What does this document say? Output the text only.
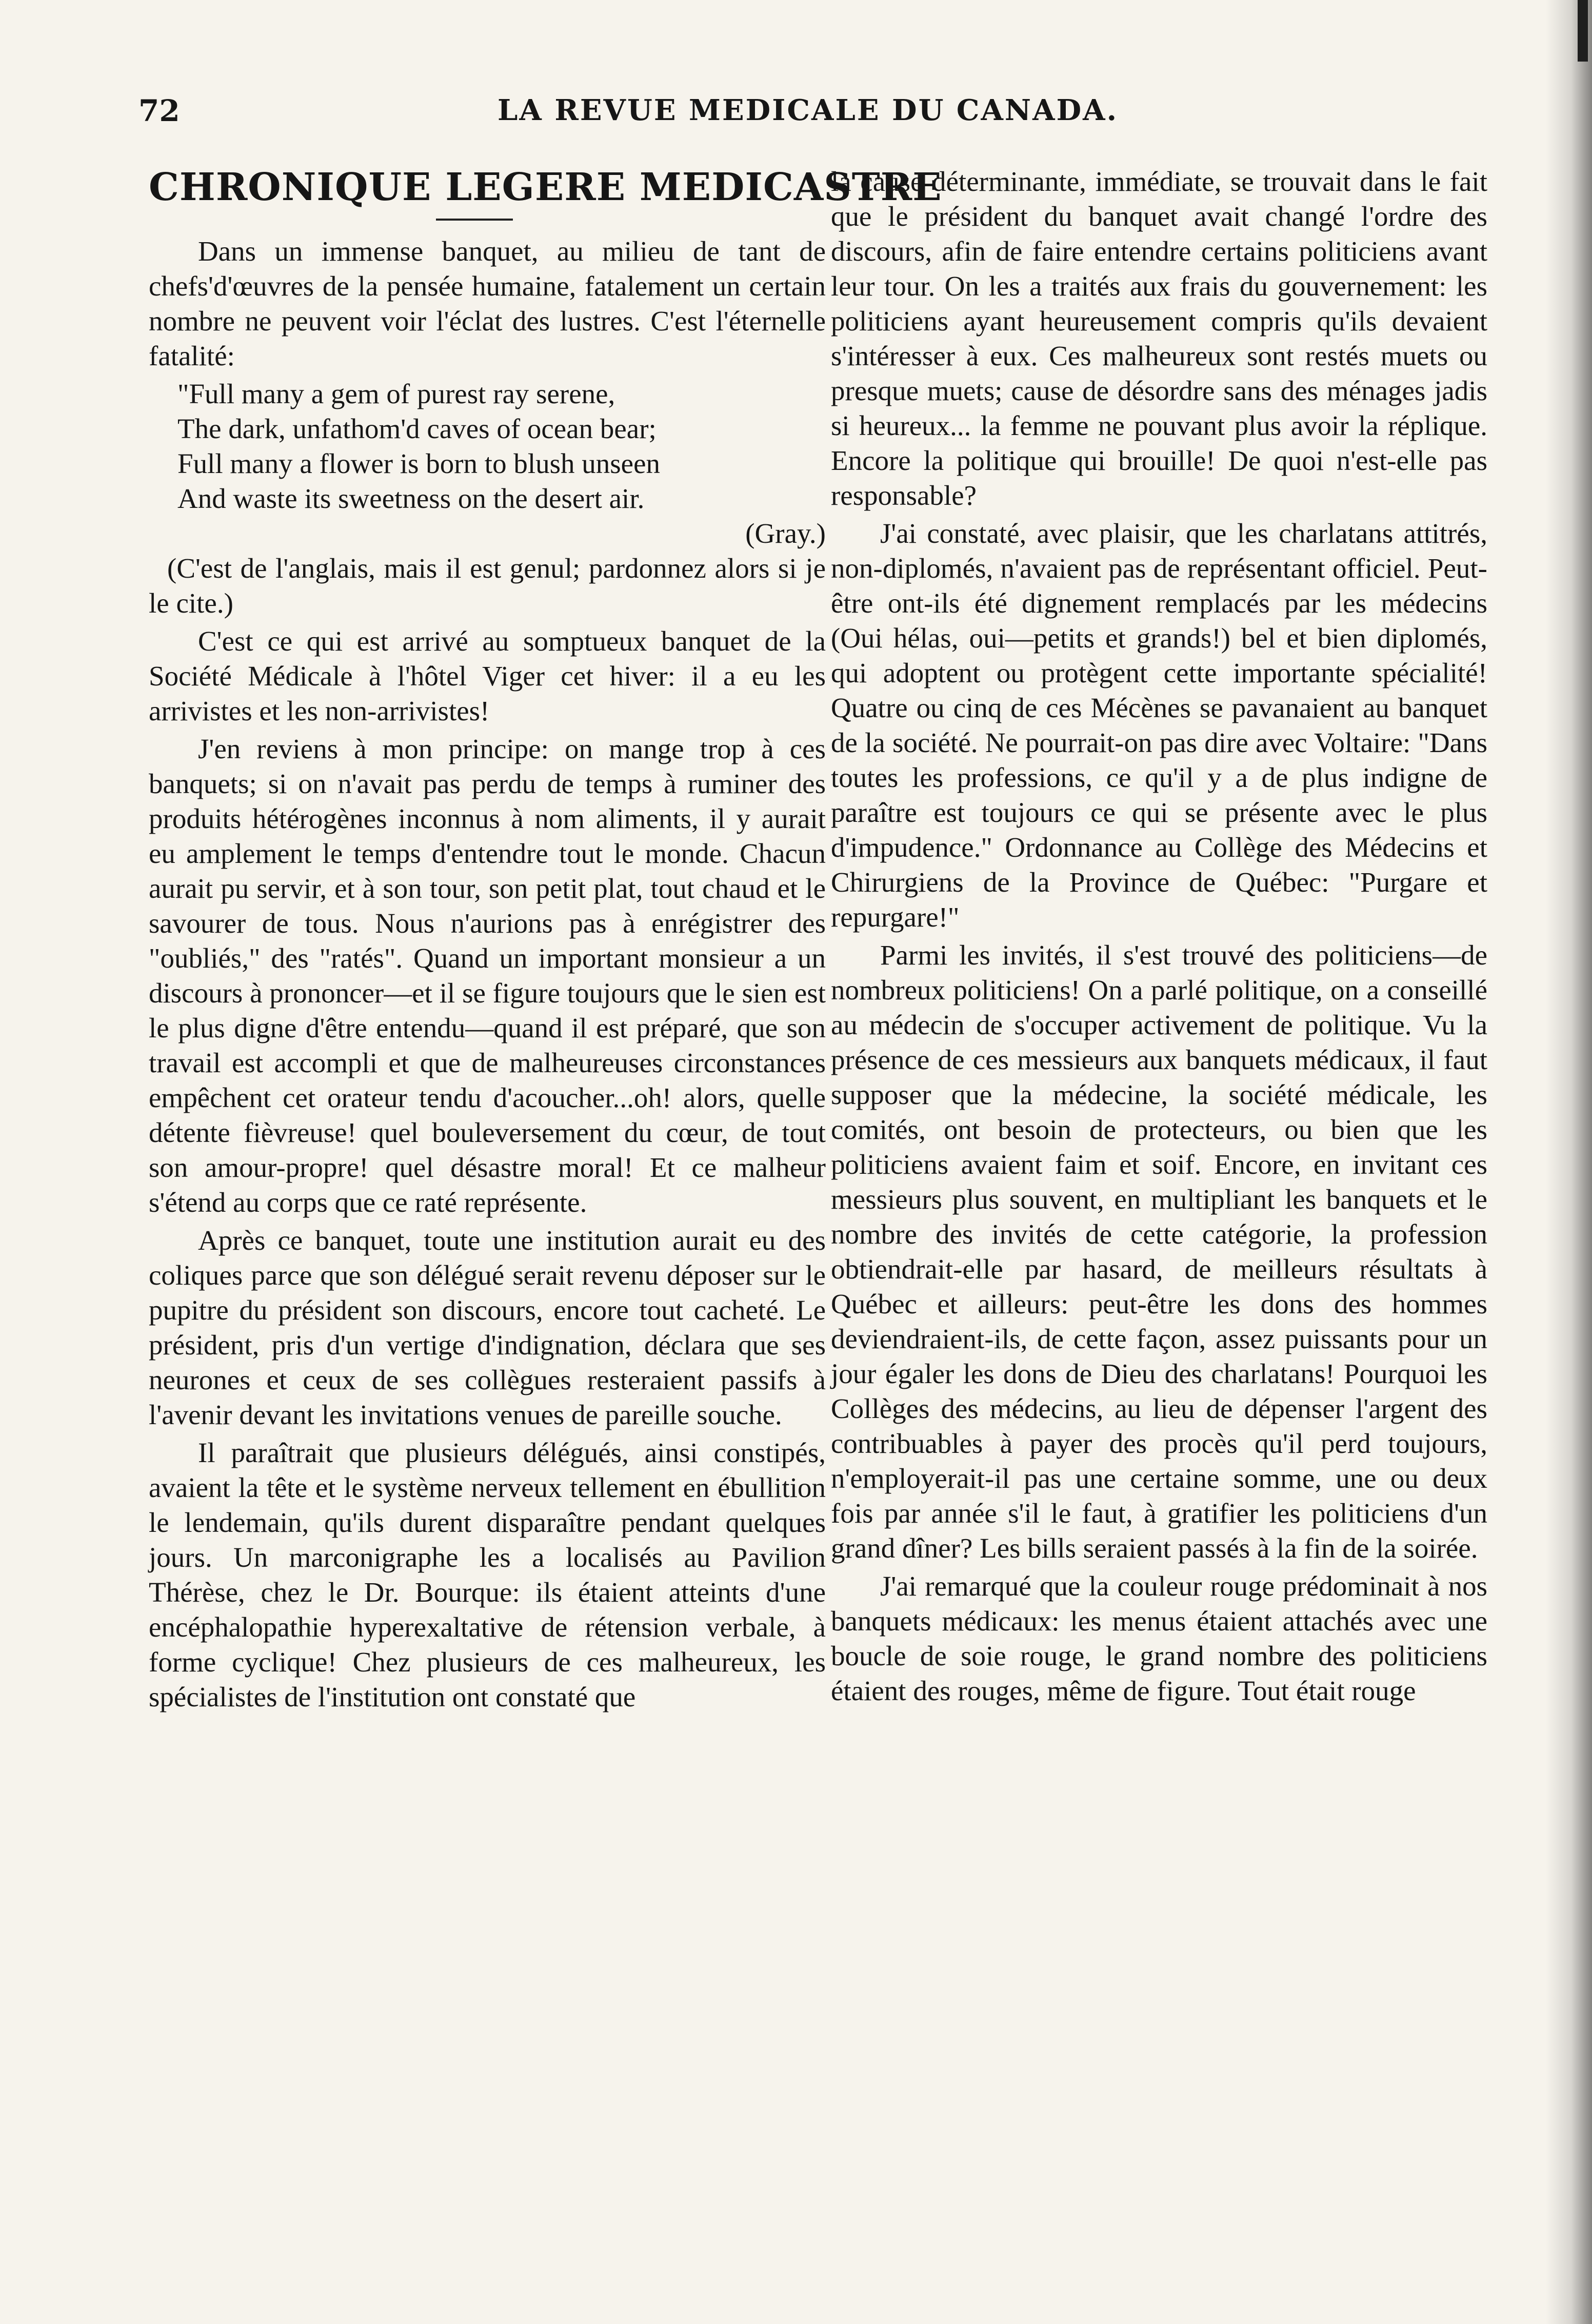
72	LA REVUE MEDICALE DU CANADA.
CHRONIQUE LEGERE MEDICASTRE

Dans un immense banquet, au milieu de tant de chefs'd'œuvres de la pensée humaine, fatalement un certain nombre ne peuvent voir l'éclat des lustres. C'est l'éternelle fatalité:

"Full many a gem of purest ray serene,
The dark, unfathom'd caves of ocean bear;
Full many a flower is born to blush unseen
And waste its sweetness on the desert air.
(Gray.)

(C'est de l'anglais, mais il est genul; pardonnez alors si je le cite.)

C'est ce qui est arrivé au somptueux banquet de la Société Médicale à l'hôtel Viger cet hiver: il a eu les arrivistes et les non-arrivistes!

J'en reviens à mon principe: on mange trop à ces banquets; si on n'avait pas perdu de temps à ruminer des produits hétérogènes inconnus à nom aliments, il y aurait eu amplement le temps d'entendre tout le monde. Chacun aurait pu servir, et à son tour, son petit plat, tout chaud et le savourer de tous. Nous n'aurions pas à enrégistrer des "oubliés," des "ratés". Quand un important monsieur a un discours à prononcer—et il se figure toujours que le sien est le plus digne d'être entendu—quand il est préparé, que son travail est accompli et que de malheureuses circonstances empêchent cet orateur tendu d'acoucher...oh! alors, quelle détente fièvreuse! quel bouleversement du cœur, de tout son amour-propre! quel désastre moral! Et ce malheur s'étend au corps que ce raté représente.

Après ce banquet, toute une institution aurait eu des coliques parce que son délégué serait revenu déposer sur le pupitre du président son discours, encore tout cacheté. Le président, pris d'un vertige d'indignation, déclara que ses neurones et ceux de ses collègues resteraient passifs à l'avenir devant les invitations venues de pareille souche.

Il paraîtrait que plusieurs délégués, ainsi constipés, avaient la tête et le système nerveux tellement en ébullition le lendemain, qu'ils durent disparaître pendant quelques jours. Un marconigraphe les a localisés au Pavilion Thérèse, chez le Dr. Bourque: ils étaient atteints d'une encéphalopathie hyperexaltative de rétension verbale, à forme cyclique! Chez plusieurs de ces malheureux, les spécialistes de l'institution ont constaté que

la cause déterminante, immédiate, se trouvait dans le fait que le président du banquet avait changé l'ordre des discours, afin de faire entendre certains politiciens avant leur tour. On les a traités aux frais du gouvernement: les politiciens ayant heureusement compris qu'ils devaient s'intéresser à eux. Ces malheureux sont restés muets ou presque muets; cause de désordre sans des ménages jadis si heureux... la femme ne pouvant plus avoir la réplique. Encore la politique qui brouille! De quoi n'est-elle pas responsable?

J'ai constaté, avec plaisir, que les charlatans attitrés, non-diplomés, n'avaient pas de représentant officiel. Peut-être ont-ils été dignement remplacés par les médecins (Oui hélas, oui—petits et grands!) bel et bien diplomés, qui adoptent ou protègent cette importante spécialité! Quatre ou cinq de ces Mécènes se pavanaient au banquet de la société. Ne pourrait-on pas dire avec Voltaire: "Dans toutes les professions, ce qu'il y a de plus indigne de paraître est toujours ce qui se présente avec le plus d'impudence." Ordonnance au Collège des Médecins et Chirurgiens de la Province de Québec: "Purgare et repurgare!"

Parmi les invités, il s'est trouvé des politiciens—de nombreux politiciens! On a parlé politique, on a conseillé au médecin de s'occuper activement de politique. Vu la présence de ces messieurs aux banquets médicaux, il faut supposer que la médecine, la société médicale, les comités, ont besoin de protecteurs, ou bien que les politiciens avaient faim et soif. Encore, en invitant ces messieurs plus souvent, en multipliant les banquets et le nombre des invités de cette catégorie, la profession obtiendrait-elle par hasard, de meilleurs résultats à Québec et ailleurs: peut-être les dons des hommes deviendraient-ils, de cette façon, assez puissants pour un jour égaler les dons de Dieu des charlatans! Pourquoi les Collèges des médecins, au lieu de dépenser l'argent des contribuables à payer des procès qu'il perd toujours, n'employerait-il pas une certaine somme, une ou deux fois par année s'il le faut, à gratifier les politiciens d'un grand dîner? Les bills seraient passés à la fin de la soirée.

J'ai remarqué que la couleur rouge prédominait à nos banquets médicaux: les menus étaient attachés avec une boucle de soie rouge, le grand nombre des politiciens étaient des rouges, même de figure. Tout était rouge
